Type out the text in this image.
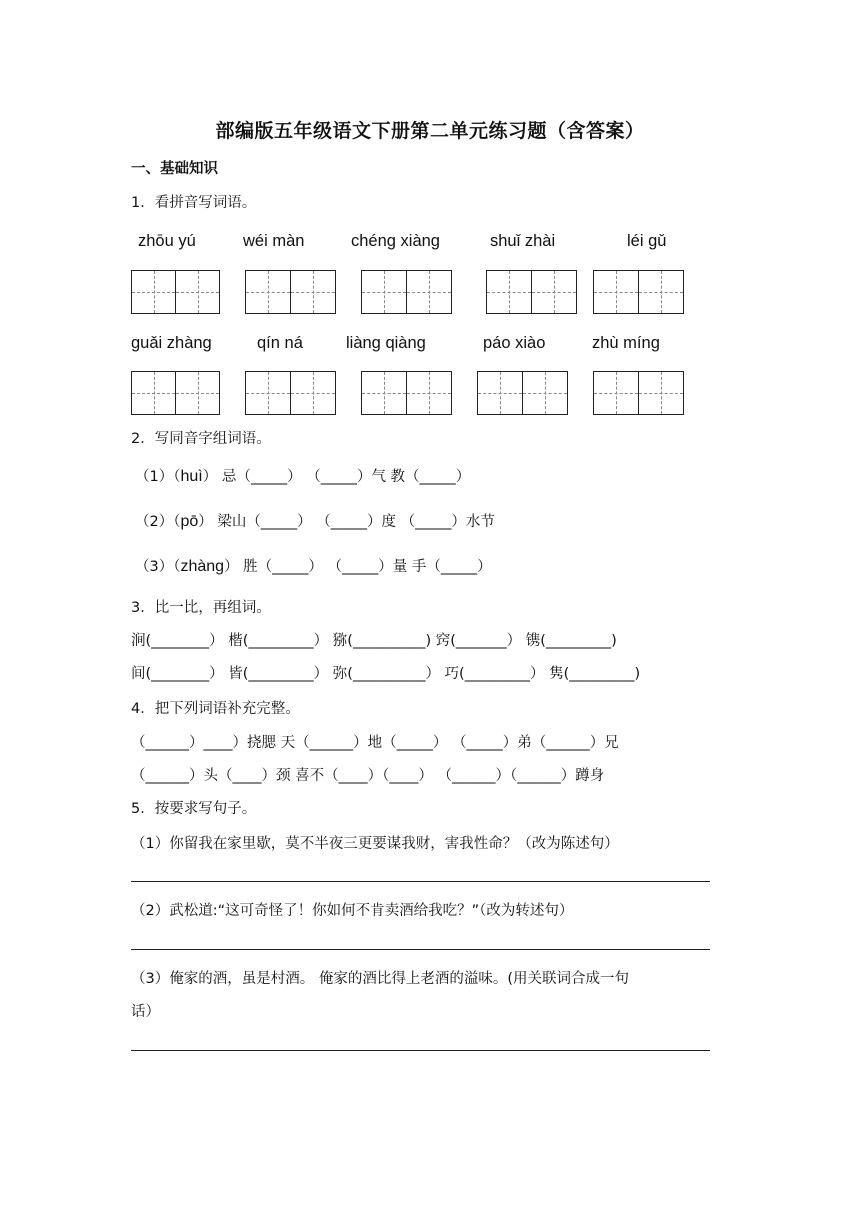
部编版五年级语文下册第二单元练习题（含答案）
一、基础知识
1．看拼音写词语。
zhōu yú	wéi màn	chéng xiàng	shuǐ zhài	léi gǔ
guǎi zhàng	qín ná	liàng qiàng	páo xiào	zhù míng
2．写同音字组词语。
（1）（huì） 忌（_____） （_____）气 教（_____）
（2）（pō） 梁山（_____） （_____）度 （_____）水节
（3）（zhàng） 胜（_____） （_____）量 手（_____）
3．比一比，再组词。
涧(________） 楷(_________） 猕(__________) 窍(_______） 镌(_________)
间(________） 皆(_________） 弥(__________） 巧(_________） 隽(_________)
4．把下列词语补充完整。
（______）____）挠腮 天（______）地（_____） （_____）弟（______）兄
（______）头（____）颈 喜不（____）（____） （______）（______）蹲身
5．按要求写句子。
（1）你留我在家里歇，莫不半夜三更要谋我财，害我性命？（改为陈述句）
（2）武松道:“这可奇怪了！你如何不肯卖酒给我吃？”（改为转述句）
（3）俺家的酒，虽是村酒。 俺家的酒比得上老酒的溢味。(用关联词合成一句
话）
